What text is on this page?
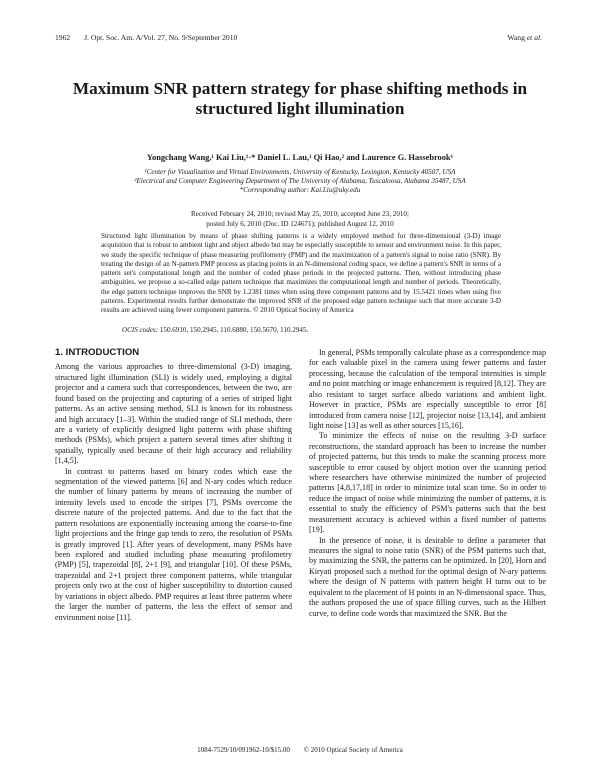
1962 J. Opt. Soc. Am. A/Vol. 27, No. 9/September 2010	Wang et al.
Maximum SNR pattern strategy for phase shifting methods in structured light illumination
Yongchang Wang,¹ Kai Liu,¹·* Daniel L. Lau,¹ Qi Hao,² and Laurence G. Hassebrook¹
¹Center for Visualization and Virtual Environments, University of Kentucky, Lexington, Kentucky 40507, USA
²Electrical and Computer Engineering Department of The University of Alabama, Tuscaloosa, Alabama 35487, USA
*Corresponding author: Kai.Liu@uky.edu
Received February 24, 2010; revised May 25, 2010; accepted June 23, 2010;
posted July 6, 2010 (Doc. ID 124671); published August 12, 2010

Structured light illumination by means of phase shifting patterns is a widely employed method for three-dimensional (3-D) image acquisition that is robust to ambient light and object albedo but may be especially susceptible to sensor and environment noise. In this paper, we study the specific technique of phase measuring profilometry (PMP) and the maximization of a pattern's signal to noise ratio (SNR). By treating the design of an N-pattern PMP process as placing points in an N-dimensional coding space, we define a pattern's SNR in terms of a pattern set's computational length and the number of coded phase periods in the projected patterns. Then, without introducing phase ambiguities, we propose a so-called edge pattern technique that maximizes the computational length and number of periods. Theoretically, the edge pattern technique improves the SNR by 1.2381 times when using three component patterns and by 15.5421 times when using five patterns. Experimental results further demonstrate the improved SNR of the proposed edge pattern technique such that more accurate 3-D results are achieved using fewer component patterns. © 2010 Optical Society of America

OCIS codes: 150.6910, 150.2945, 110.6880, 150.5670, 110.2945.
1. INTRODUCTION

Among the various approaches to three-dimensional (3-D) imaging, structured light illumination (SLI) is widely used, employing a digital projector and a camera such that correspondences, between the two, are found based on the projecting and capturing of a series of striped light patterns. As an active sensing method, SLI is known for its robustness and high accuracy [1–3]. Within the studied range of SLI methods, there are a variety of explicitly designed light patterns with phase shifting methods (PSMs), which project a pattern several times after shifting it spatially, typically used because of their high accuracy and reliability [1,4,5].

In contrast to patterns based on binary codes which ease the segmentation of the viewed patterns [6] and N-ary codes which reduce the number of binary patterns by means of increasing the number of intensity levels used to encode the stripes [7], PSMs overcome the discrete nature of the projected patterns. And due to the fact that the pattern resolutions are exponentially increasing among the coarse-to-fine light projections and the fringe gap tends to zero, the resolution of PSMs is greatly improved [1]. After years of development, many PSMs have been explored and studied including phase measuring profilometry (PMP) [5], trapezoidal [8], 2+1 [9], and triangular [10]. Of these PSMs, trapezoidal and 2+1 project three component patterns, while triangular projects only two at the cost of higher susceptibility to distortion caused by variations in object albedo. PMP requires at least three patterns where the larger the number of patterns, the less the effect of sensor and environment noise [11].

In general, PSMs temporally calculate phase as a correspondence map for each valuable pixel in the camera using fewer patterns and faster processing, because the calculation of the temporal intensities is simple and no point matching or image enhancement is required [8,12]. They are also resistant to target surface albedo variations and ambient light. However in practice, PSMs are especially susceptible to error [8] introduced from camera noise [12], projector noise [13,14], and ambient light noise [13] as well as other sources [15,16].

To minimize the effects of noise on the resulting 3-D surface reconstructions, the standard approach has been to increase the number of projected patterns, but this tends to make the scanning process more susceptible to error caused by object motion over the scanning period where researchers have otherwise minimized the number of projected patterns [4,8,17,18] in order to minimize total scan time. So in order to reduce the impact of noise while minimizing the number of patterns, it is essential to study the efficiency of PSM's patterns such that the best measurement accuracy is achieved within a fixed number of patterns [19].

In the presence of noise, it is desirable to define a parameter that measures the signal to noise ratio (SNR) of the PSM patterns such that, by maximizing the SNR, the patterns can be optimized. In [20], Horn and Kiryati proposed such a method for the optimal design of N-ary patterns where the design of N patterns with pattern height H turns out to be equivalent to the placement of H points in an N-dimensional space. Thus, the authors proposed the use of space filling curves, such as the Hilbert curve, to define code words that maximized the SNR. But the

1084-7529/10/091962-10/$15.00 © 2010 Optical Society of America
